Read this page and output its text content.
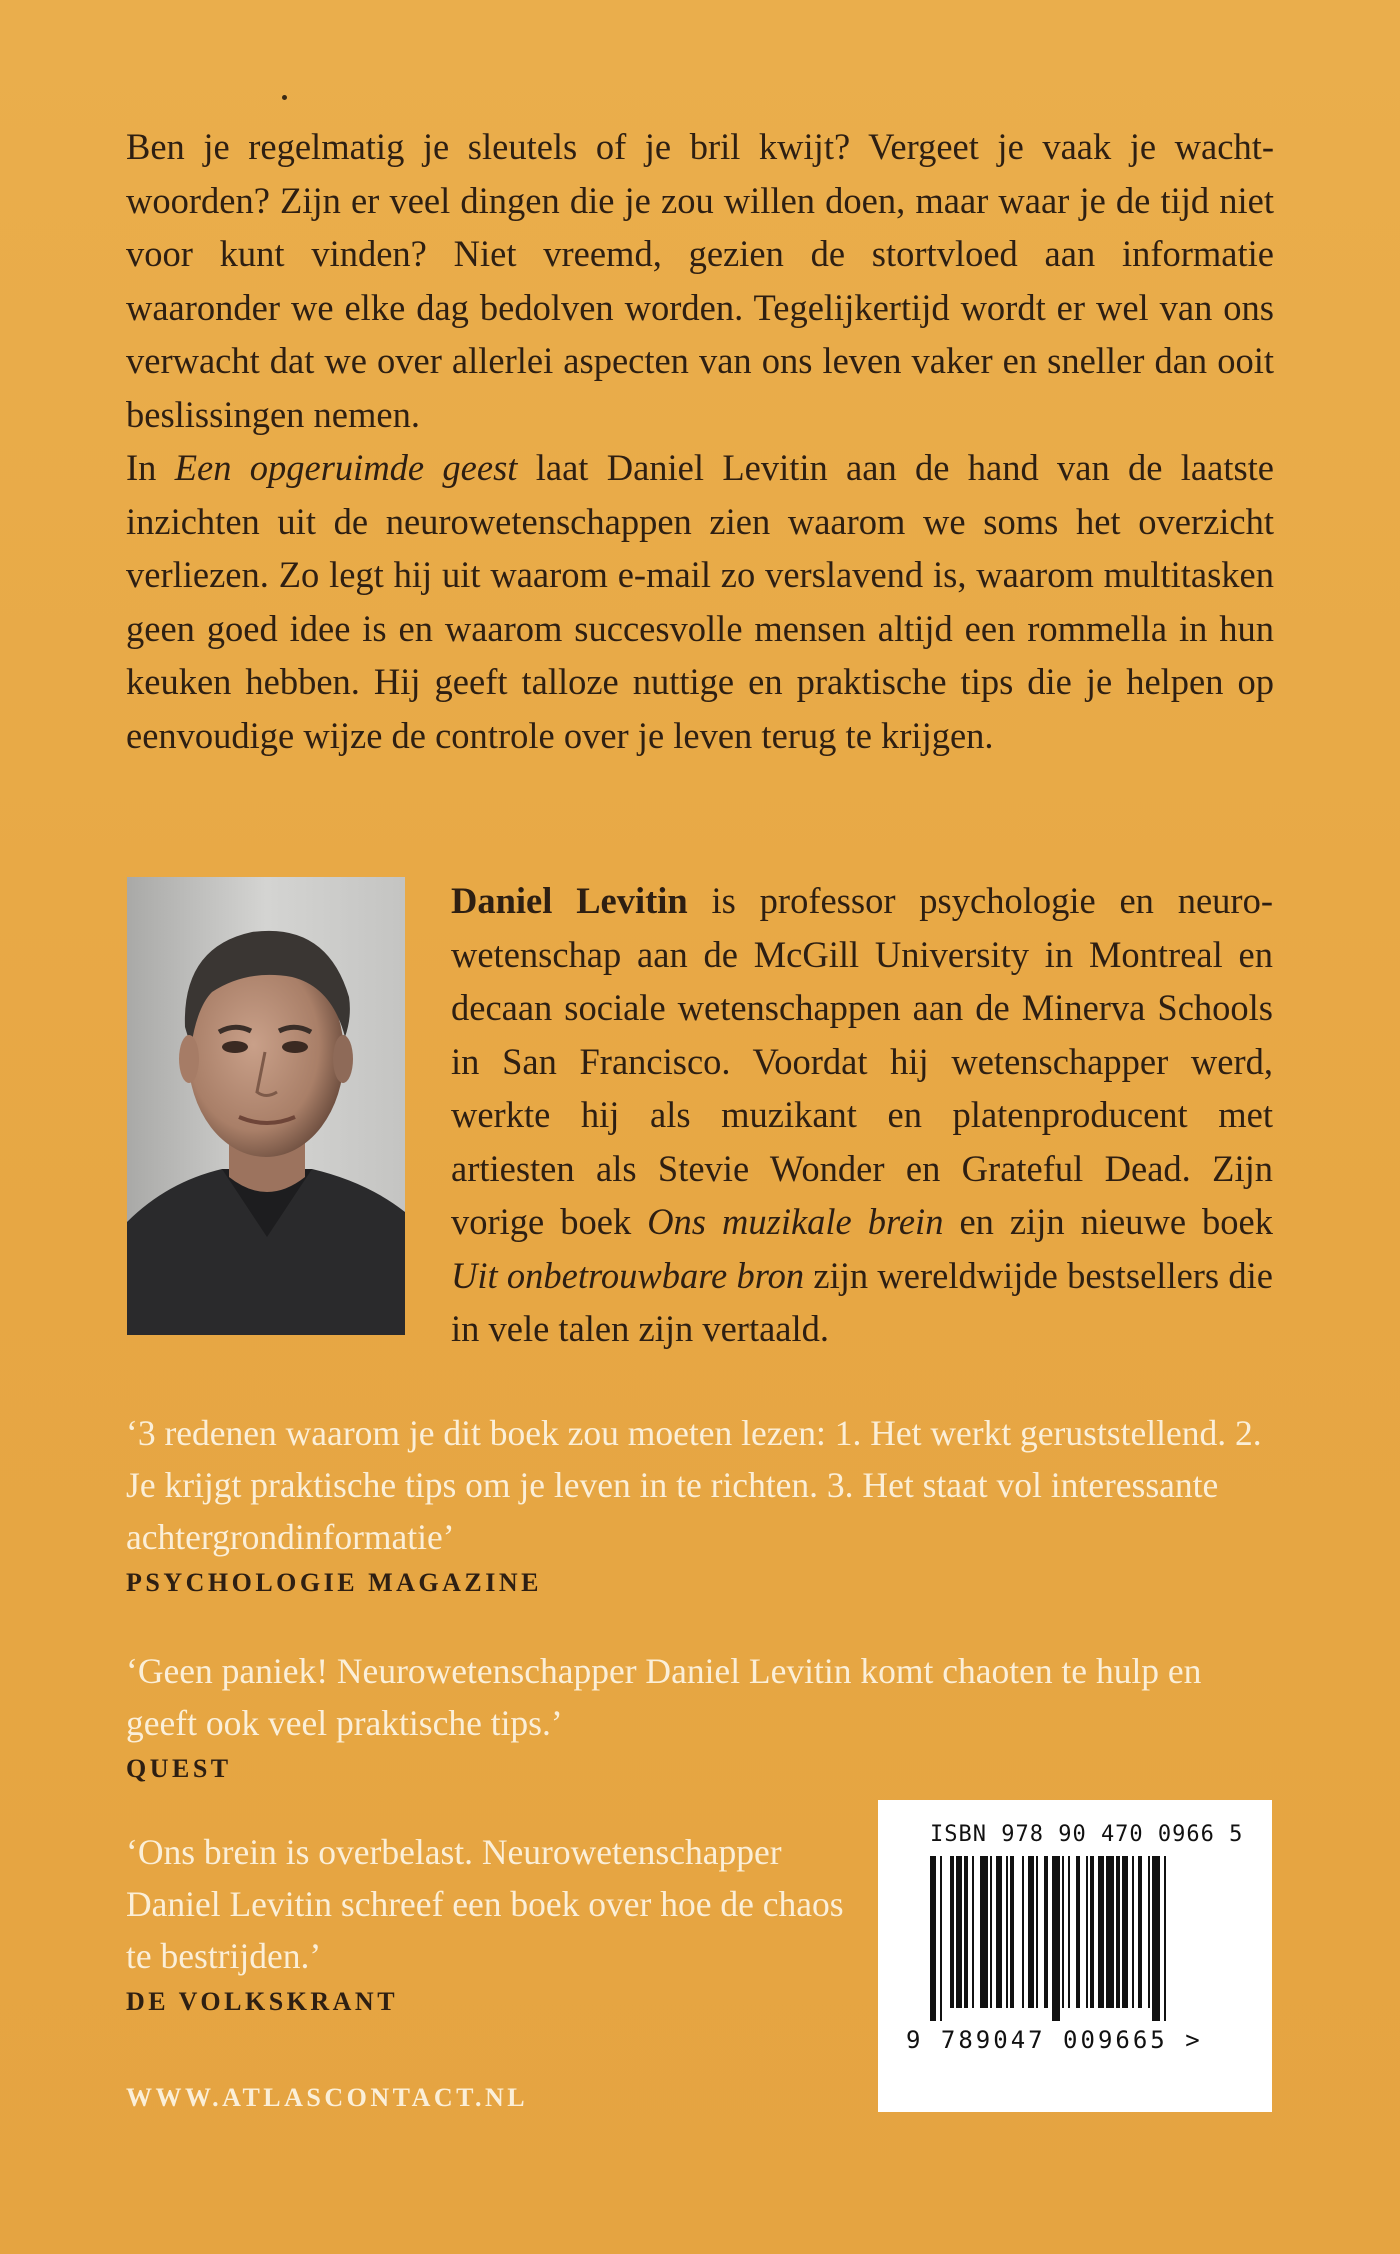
Ben je regelmatig je sleutels of je bril kwijt? Vergeet je vaak je wachtwoorden? Zijn er veel dingen die je zou willen doen, maar waar je de tijd niet voor kunt vinden? Niet vreemd, gezien de stortvloed aan informatie waaronder we elke dag bedolven worden. Tegelijkertijd wordt er wel van ons verwacht dat we over allerlei aspecten van ons leven vaker en sneller dan ooit beslissingen nemen.

In Een opgeruimde geest laat Daniel Levitin aan de hand van de laatste inzichten uit de neurowetenschappen zien waarom we soms het overzicht verliezen. Zo legt hij uit waarom e-mail zo verslavend is, waarom multitasken geen goed idee is en waarom succesvolle mensen altijd een rommella in hun keuken hebben. Hij geeft talloze nuttige en praktische tips die je helpen op eenvoudige wijze de controle over je leven terug te krijgen.

Daniel Levitin is professor psychologie en neurowetenschap aan de McGill University in Montreal en decaan sociale wetenschappen aan de Minerva Schools in San Francisco. Voordat hij wetenschapper werd, werkte hij als muzikant en platenproducent met artiesten als Stevie Wonder en Grateful Dead. Zijn vorige boek Ons muzikale brein en zijn nieuwe boek Uit onbetrouwbare bron zijn wereldwijde bestsellers die in vele talen zijn vertaald.

‘3 redenen waarom je dit boek zou moeten lezen: 1. Het werkt geruststellend. 2. Je krijgt praktische tips om je leven in te richten. 3. Het staat vol interessante achtergrondinformatie’

PSYCHOLOGIE MAGAZINE

‘Geen paniek! Neurowetenschapper Daniel Levitin komt chaoten te hulp en geeft ook veel praktische tips.’

QUEST

‘Ons brein is overbelast. Neurowetenschapper Daniel Levitin schreef een boek over hoe de chaos te bestrijden.’

DE VOLKSKRANT
WWW.ATLASCONTACT.NL
ISBN 978 90 470 0966 5
9 789047 009665 >
